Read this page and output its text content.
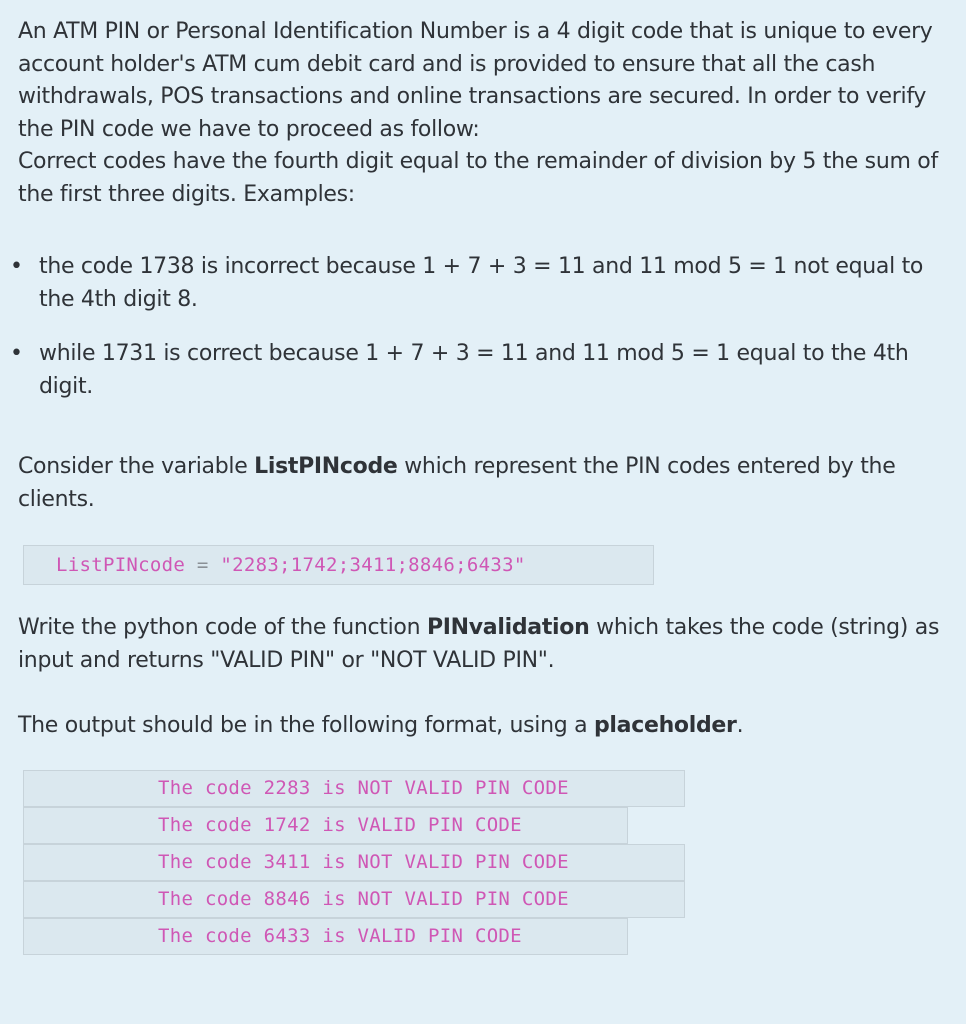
An ATM PIN or Personal Identification Number is a 4 digit code that is unique to every account holder's ATM cum debit card and is provided to ensure that all the cash withdrawals, POS transactions and online transactions are secured. In order to verify the PIN code we have to proceed as follow:
Correct codes have the fourth digit equal to the remainder of division by 5 the sum of the first three digits. Examples:

• the code 1738 is incorrect because 1 + 7 + 3 = 11 and 11 mod 5 = 1 not equal to the 4th digit 8.
• while 1731 is correct because 1 + 7 + 3 = 11 and 11 mod 5 = 1 equal to the 4th digit.

Consider the variable ListPINcode which represent the PIN codes entered by the clients.

ListPINcode = "2283;1742;3411;8846;6433"

Write the python code of the function PINvalidation which takes the code (string) as input and returns "VALID PIN" or "NOT VALID PIN".

The output should be in the following format, using a placeholder.

The code 2283 is NOT VALID PIN CODE
The code 1742 is VALID PIN CODE
The code 3411 is NOT VALID PIN CODE
The code 8846 is NOT VALID PIN CODE
The code 6433 is VALID PIN CODE
